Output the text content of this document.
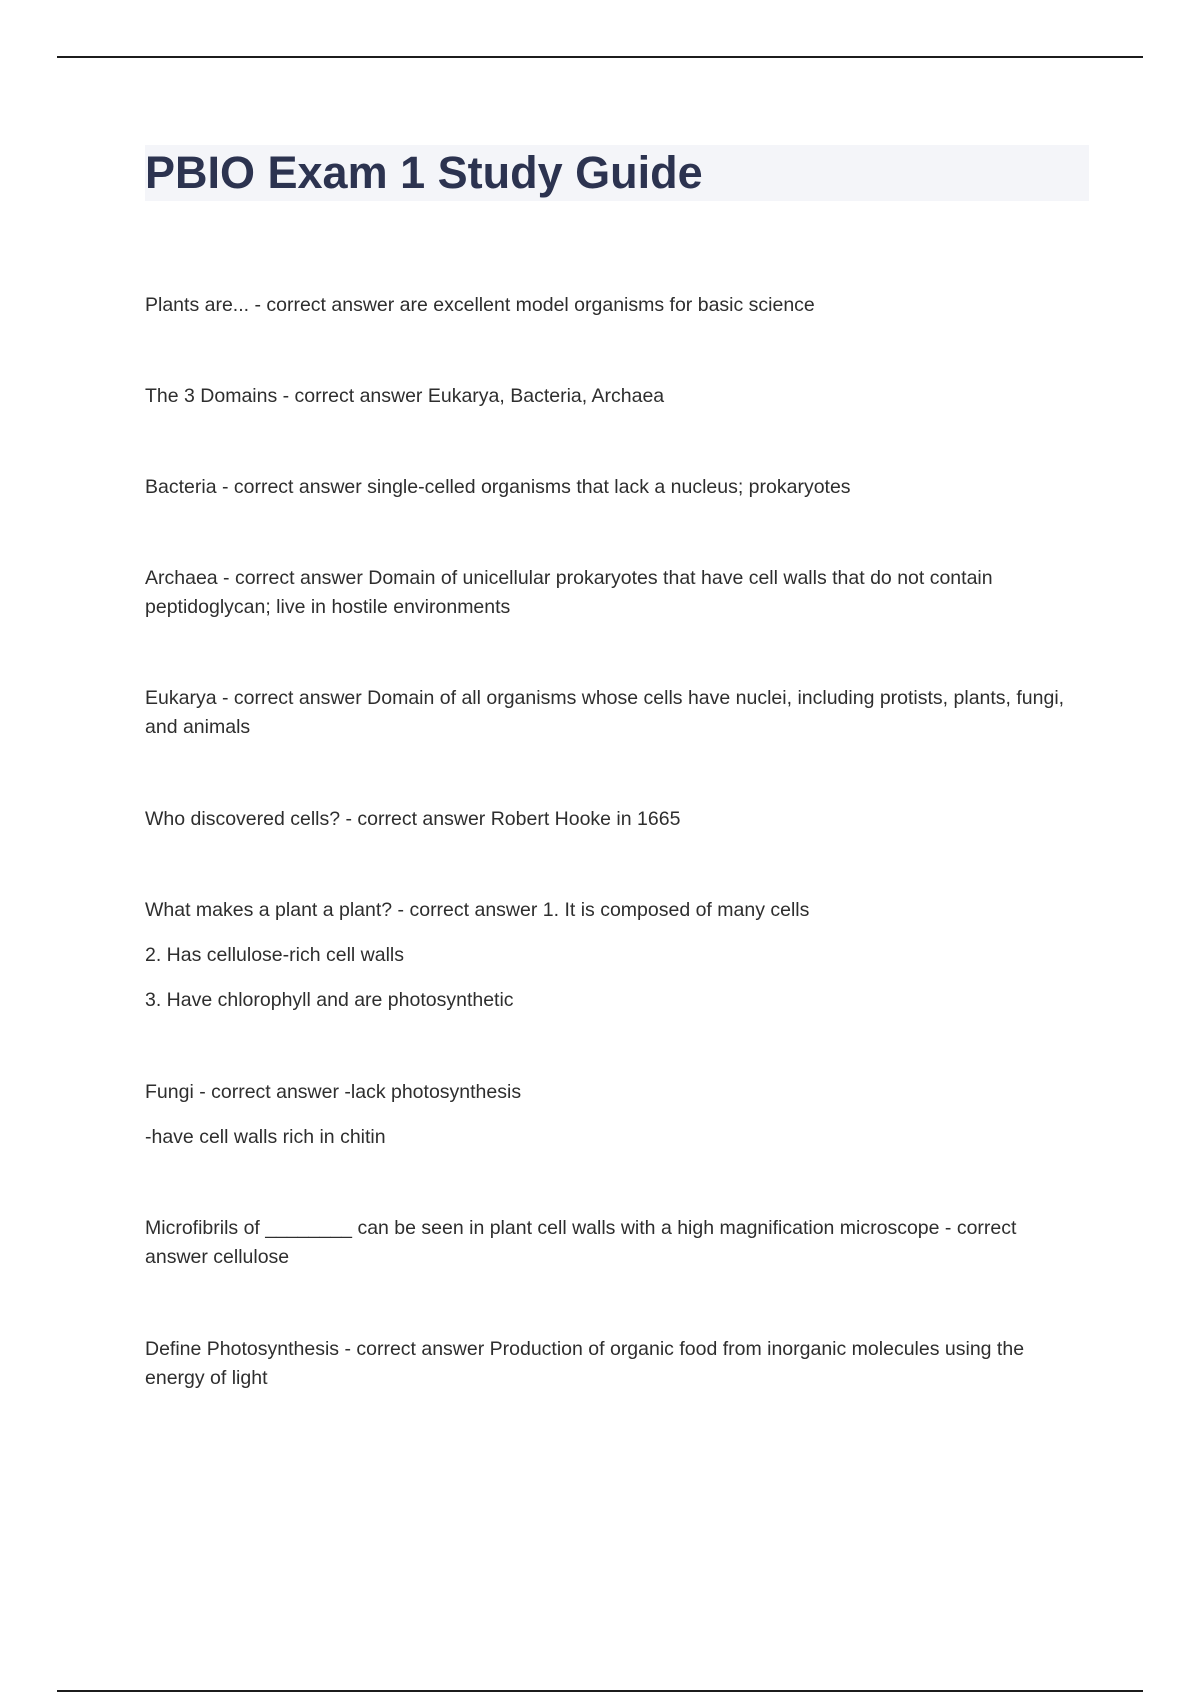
PBIO Exam 1 Study Guide

Plants are... - correct answer are excellent model organisms for basic science

The 3 Domains - correct answer Eukarya, Bacteria, Archaea

Bacteria - correct answer single-celled organisms that lack a nucleus; prokaryotes

Archaea - correct answer Domain of unicellular prokaryotes that have cell walls that do not contain peptidoglycan; live in hostile environments

Eukarya - correct answer Domain of all organisms whose cells have nuclei, including protists, plants, fungi, and animals

Who discovered cells? - correct answer Robert Hooke in 1665

What makes a plant a plant? - correct answer 1. It is composed of many cells

2. Has cellulose-rich cell walls

3. Have chlorophyll and are photosynthetic

Fungi - correct answer -lack photosynthesis

-have cell walls rich in chitin

Microfibrils of ________ can be seen in plant cell walls with a high magnification microscope - correct answer cellulose

Define Photosynthesis - correct answer Production of organic food from inorganic molecules using the energy of light
